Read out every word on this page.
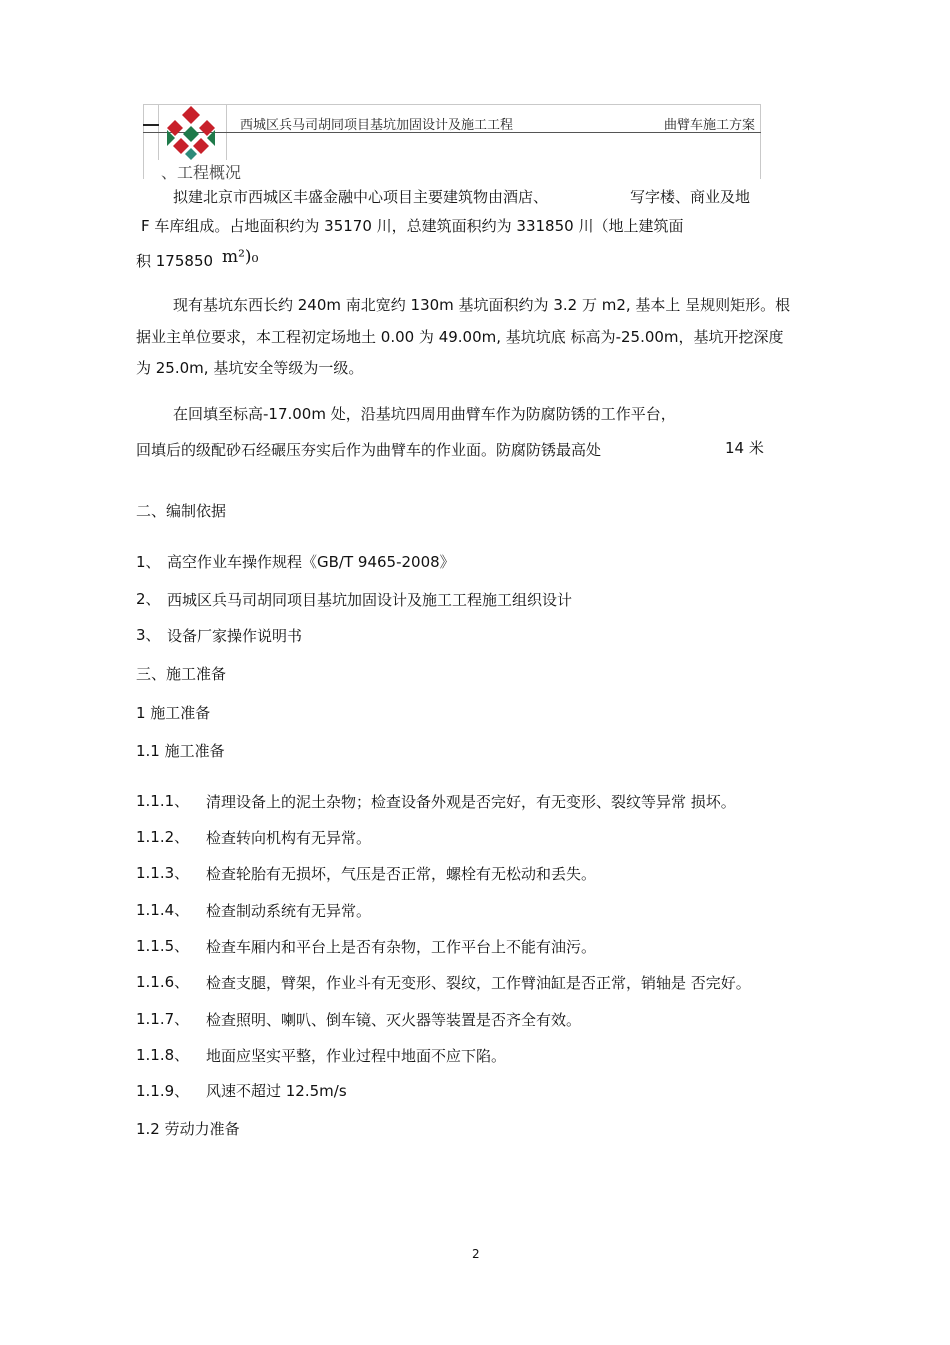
西城区兵马司胡同项目基坑加固设计及施工工程	曲臂车施工方案
、工程概况
拟建北京市西城区丰盛金融中心项目主要建筑物由酒店、	写字楼、商业及地
F 车库组成。占地面积约为 35170 川，总建筑面积约为 331850 川（地上建筑面
积 175850 m²)₀
现有基坑东西长约 240m 南北宽约 130m 基坑面积约为 3.2 万 m2, 基本上 呈规则矩形。根
据业主单位要求，本工程初定场地土 0.00 为 49.00m, 基坑坑底 标高为-25.00m，基坑开挖深度
为 25.0m, 基坑安全等级为一级。
在回填至标高-17.00m 处，沿基坑四周用曲臂车作为防腐防锈的工作平台，
回填后的级配砂石经碾压夯实后作为曲臂车的作业面。防腐防锈最高处	14 米
二、编制依据
1、 高空作业车操作规程《GB/T 9465-2008》
2、 西城区兵马司胡同项目基坑加固设计及施工工程施工组织设计
3、 设备厂家操作说明书
三、施工准备
1 施工准备
1.1 施工准备
1.1.1、 清理设备上的泥土杂物；检查设备外观是否完好，有无变形、裂纹等异常 损坏。
1.1.2、 检查转向机构有无异常。
1.1.3、 检查轮胎有无损坏，气压是否正常，螺栓有无松动和丢失。
1.1.4、 检查制动系统有无异常。
1.1.5、 检查车厢内和平台上是否有杂物，工作平台上不能有油污。
1.1.6、 检查支腿，臂架，作业斗有无变形、裂纹，工作臂油缸是否正常，销轴是 否完好。
1.1.7、 检查照明、喇叭、倒车镜、灭火器等装置是否齐全有效。
1.1.8、 地面应坚实平整，作业过程中地面不应下陷。
1.1.9、 风速不超过 12.5m/s
1.2 劳动力准备
2
